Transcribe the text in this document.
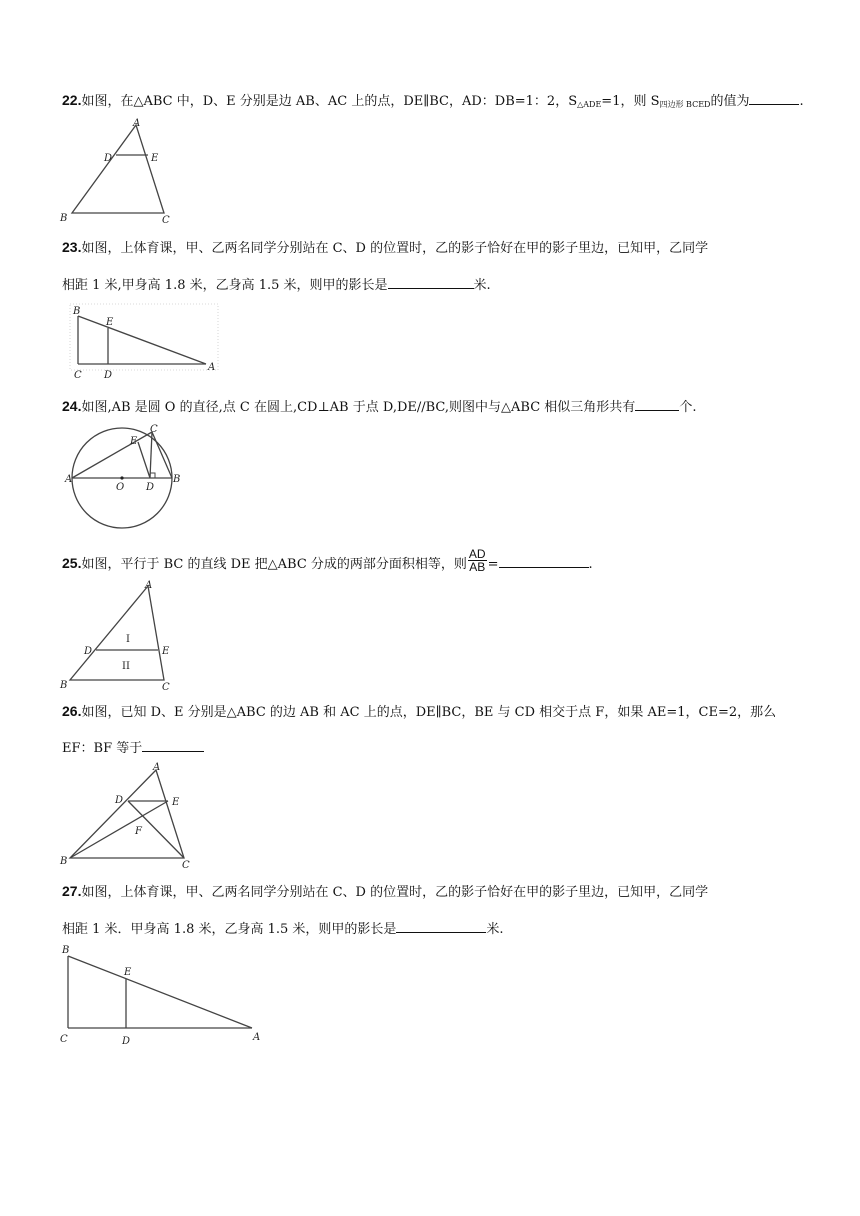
22.如图，在△ABC 中，D、E 分别是边 AB、AC 上的点，DE∥BC，AD：DB=1：2，$S_{\triangle ADE}=1$，则 $S_{四边形 BCED}$的值为	.
A
D	E
B	C
23.如图，上体育课，甲、乙两名同学分别站在 C、D 的位置时，乙的影子恰好在甲的影子里边，已知甲，乙同学
相距 1 米,甲身高 1.8 米，乙身高 1.5 米，则甲的影长是	米.
B
E
C D
A
24.如图,AB 是圆 O 的直径,点 C 在圆上,CD⊥AB 于点 D,DE//BC,则图中与△ABC 相似三角形共有	个.
A
O D
B
C
E
25.如图，平行于 BC 的直线 DE 把△ABC 分成的两部分面积相等，则 $\frac{AD}{AB}$ =	.
A
D	E
B	C
I
II
26.如图，已知 D、E 分别是△ABC 的边 AB 和 AC 上的点，DE∥BC，BE 与 CD 相交于点 F，如果 AE=1，CE=2，那么
EF：BF 等于
A
D	E
F
B	C
27.如图，上体育课，甲、乙两名同学分别站在 C、D 的位置时，乙的影子恰好在甲的影子里边，已知甲，乙同学
相距 1 米．甲身高 1.8 米，乙身高 1.5 米，则甲的影长是	米.
B
E
C	D	A
